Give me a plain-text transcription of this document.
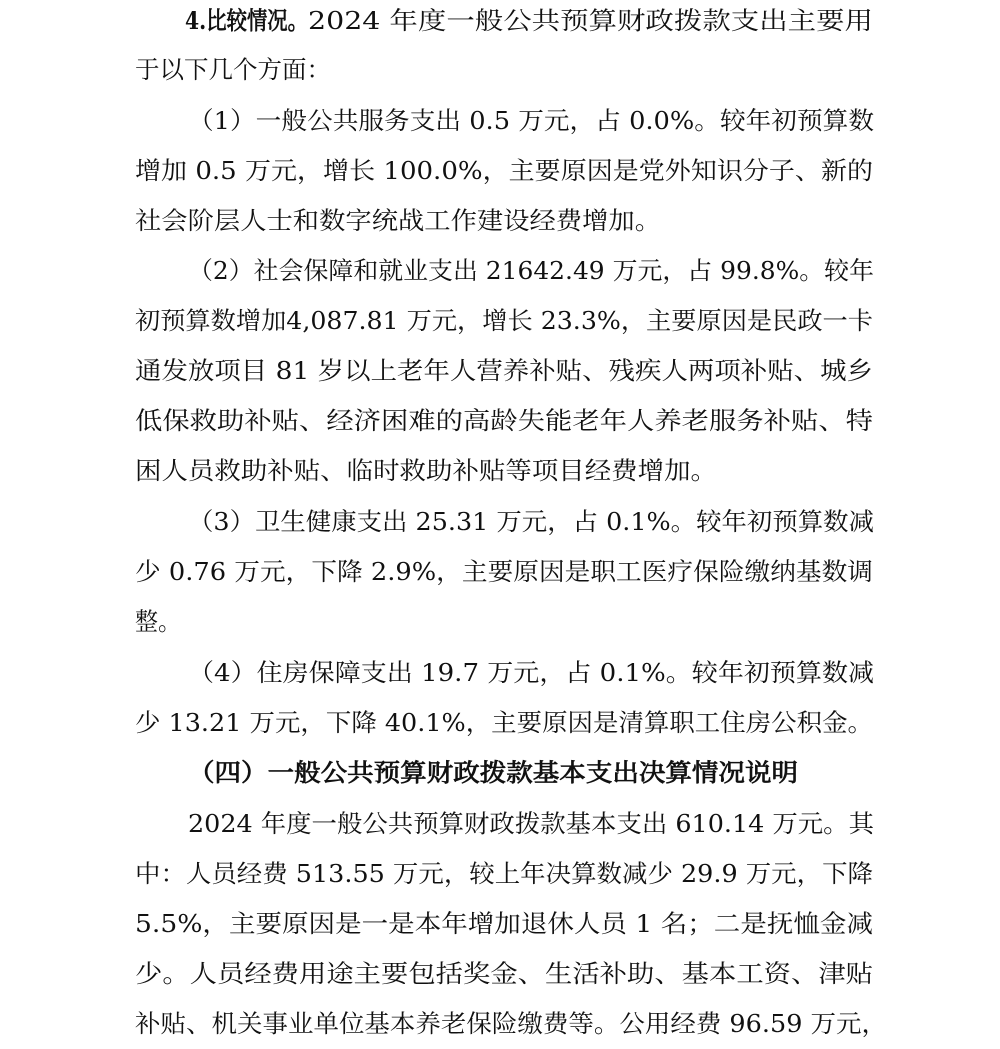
4.比较情况。 2024 年度一般公共预算财政拨款支出主要用
于以下几个方面：
（1）一般公共服务支出 0.5 万元，占 0.0%。较年初预算数
增加 0.5 万元，增长 100.0%，主要原因是党外知识分子、新的
社会阶层人士和数字统战工作建设经费增加。
（2）社会保障和就业支出 21642.49 万元，占 99.8%。较年
初预算数增加4,087.81 万元，增长 23.3%，主要原因是民政一卡
通发放项目 81 岁以上老年人营养补贴、残疾人两项补贴、城乡
低保救助补贴、经济困难的高龄失能老年人养老服务补贴、特
困人员救助补贴、临时救助补贴等项目经费增加。
（3）卫生健康支出 25.31 万元，占 0.1%。较年初预算数减
少 0.76 万元，下降 2.9%，主要原因是职工医疗保险缴纳基数调
整。
（4）住房保障支出 19.7 万元，占 0.1%。较年初预算数减
少 13.21 万元，下降 40.1%，主要原因是清算职工住房公积金。
（四）一般公共预算财政拨款基本支出决算情况说明
2024 年度一般公共预算财政拨款基本支出 610.14 万元。其
中：人员经费 513.55 万元，较上年决算数减少 29.9 万元，下降
5.5%，主要原因是一是本年增加退休人员 1 名；二是抚恤金减
少。人员经费用途主要包括奖金、生活补助、基本工资、津贴
补贴、机关事业单位基本养老保险缴费等。公用经费 96.59 万元，
